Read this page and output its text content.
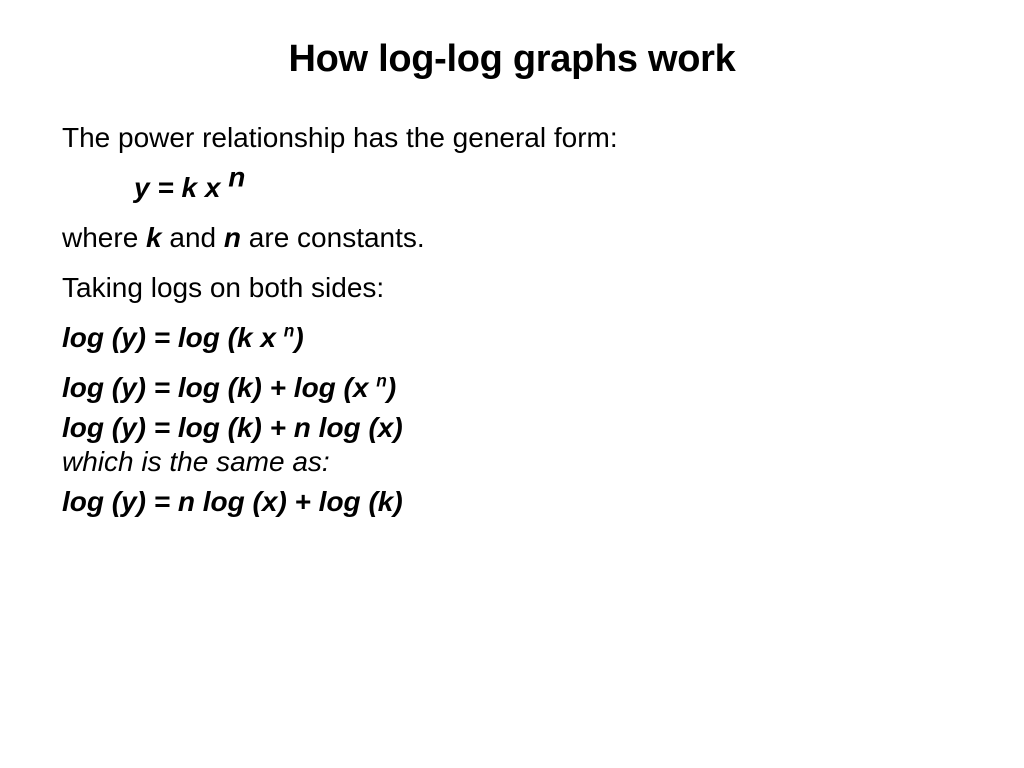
How log-log graphs work
The power relationship has the general form:
y = k x $^n$
where k and n are constants.
Taking logs on both sides:
log (y) = log (k x $^n$)
log (y) = log (k) + log (x $^n$)
log (y) = log (k) + n log (x)
which is the same as:
log (y) = n log (x) + log (k)
